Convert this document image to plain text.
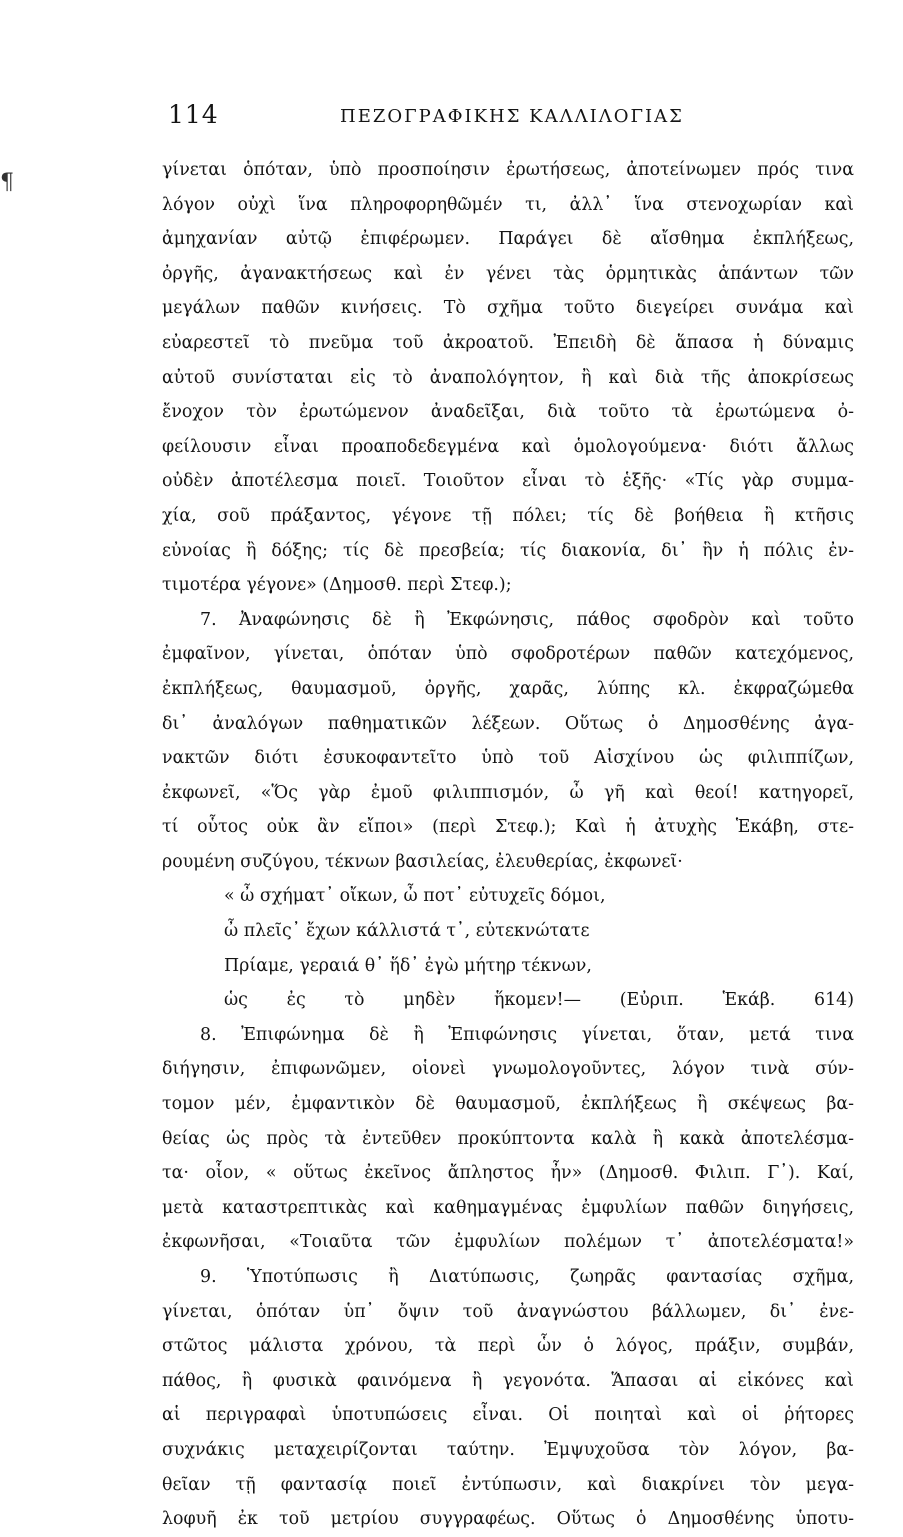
¶
114	ΠΕΖΟΓΡΑΦΙΚΗΣ ΚΑΛΛΙΛΟΓΙΑΣ
γίνεται ὁπόταν, ὑπὸ προσποίησιν ἐρωτήσεως, ἀποτείνωμεν πρός τινα
λόγον οὐχὶ ἵνα πληροφορηθῶμέν τι, ἀλλ᾽ ἵνα στενοχωρίαν καὶ
ἀμηχανίαν αὐτῷ ἐπιφέρωμεν. Παράγει δὲ αἴσθημα ἐκπλήξεως,
ὀργῆς, ἀγανακτήσεως καὶ ἐν γένει τὰς ὁρμητικὰς ἁπάντων τῶν
μεγάλων παθῶν κινήσεις. Τὸ σχῆμα τοῦτο διεγείρει συνάμα καὶ
εὐαρεστεῖ τὸ πνεῦμα τοῦ ἀκροατοῦ. Ἐπειδὴ δὲ ἅπασα ἡ δύναμις
αὐτοῦ συνίσταται εἰς τὸ ἀναπολόγητον, ἢ καὶ διὰ τῆς ἀποκρίσεως
ἔνοχον τὸν ἐρωτώμενον ἀναδεῖξαι, διὰ τοῦτο τὰ ἐρωτώμενα ὀ-
φείλουσιν εἶναι προαποδεδεγμένα καὶ ὁμολογούμενα· διότι ἄλλως
οὐδὲν ἀποτέλεσμα ποιεῖ. Τοιοῦτον εἶναι τὸ ἑξῆς· «Τίς γὰρ συμμα-
χία, σοῦ πράξαντος, γέγονε τῇ πόλει; τίς δὲ βοήθεια ἢ κτῆσις
εὐνοίας ἢ δόξης; τίς δὲ πρεσβεία; τίς διακονία, δι᾽ ἣν ἡ πόλις ἐν-
τιμοτέρα γέγονε» (Δημοσθ. περὶ Στεφ.);
7. Ἀναφώνησις δὲ ἢ Ἐκφώνησις, πάθος σφοδρὸν καὶ τοῦτο
ἐμφαῖνον, γίνεται, ὁπόταν ὑπὸ σφοδροτέρων παθῶν κατεχόμενος,
ἐκπλήξεως, θαυμασμοῦ, ὀργῆς, χαρᾶς, λύπης κλ. ἐκφραζώμεθα
δι᾽ ἀναλόγων παθηματικῶν λέξεων. Οὕτως ὁ Δημοσθένης ἀγα-
νακτῶν διότι ἐσυκοφαντεῖτο ὑπὸ τοῦ Αἰσχίνου ὡς φιλιππίζων,
ἐκφωνεῖ, «Ὅς γὰρ ἐμοῦ φιλιππισμόν, ὦ γῆ καὶ θεοί! κατηγορεῖ,
τί οὗτος οὐκ ἂν εἴποι» (περὶ Στεφ.); Καὶ ἡ ἀτυχὴς Ἑκάβη, στε-
ρουμένη συζύγου, τέκνων βασιλείας, ἐλευθερίας, ἐκφωνεῖ·
« ὦ σχήματ᾽ οἴκων, ὦ ποτ᾽ εὐτυχεῖς δόμοι,
ὦ πλεῖς᾽ ἔχων κάλλιστά τ᾽, εὐτεκνώτατε
Πρίαμε, γεραιά θ᾽ ἥδ᾽ ἐγὼ μήτηρ τέκνων,
ὡς ἐς τὸ μηδὲν ἥκομεν!— (Εὐριπ. Ἑκάβ. 614)
8. Ἐπιφώνημα δὲ ἢ Ἐπιφώνησις γίνεται, ὅταν, μετά τινα
διήγησιν, ἐπιφωνῶμεν, οἱονεὶ γνωμολογοῦντες, λόγον τινὰ σύν-
τομον μέν, ἐμφαντικὸν δὲ θαυμασμοῦ, ἐκπλήξεως ἢ σκέψεως βα-
θείας ὡς πρὸς τὰ ἐντεῦθεν προκύπτοντα καλὰ ἢ κακὰ ἀποτελέσμα-
τα· οἷον, « οὕτως ἐκεῖνος ἄπληστος ἦν» (Δημοσθ. Φιλιπ. Γ᾽). Καί,
μετὰ καταστρεπτικὰς καὶ καθημαγμένας ἐμφυλίων παθῶν διηγήσεις,
ἐκφωνῆσαι, «Τοιαῦτα τῶν ἐμφυλίων πολέμων τ᾽ ἀποτελέσματα!»
9. Ὑποτύπωσις ἢ Διατύπωσις, ζωηρᾶς φαντασίας σχῆμα,
γίνεται, ὁπόταν ὑπ᾽ ὄψιν τοῦ ἀναγνώστου βάλλωμεν, δι᾽ ἐνε-
στῶτος μάλιστα χρόνου, τὰ περὶ ὧν ὁ λόγος, πράξιν, συμβάν,
πάθος, ἢ φυσικὰ φαινόμενα ἢ γεγονότα. Ἅπασαι αἱ εἰκόνες καὶ
αἱ περιγραφαὶ ὑποτυπώσεις εἶναι. Οἱ ποιηταὶ καὶ οἱ ῥήτορες
συχνάκις μεταχειρίζονται ταύτην. Ἐμψυχοῦσα τὸν λόγον, βα-
θεῖαν τῇ φαντασίᾳ ποιεῖ ἐντύπωσιν, καὶ διακρίνει τὸν μεγα-
λοφυῆ ἐκ τοῦ μετρίου συγγραφέως. Οὕτως ὁ Δημοσθένης ὑποτυ-
